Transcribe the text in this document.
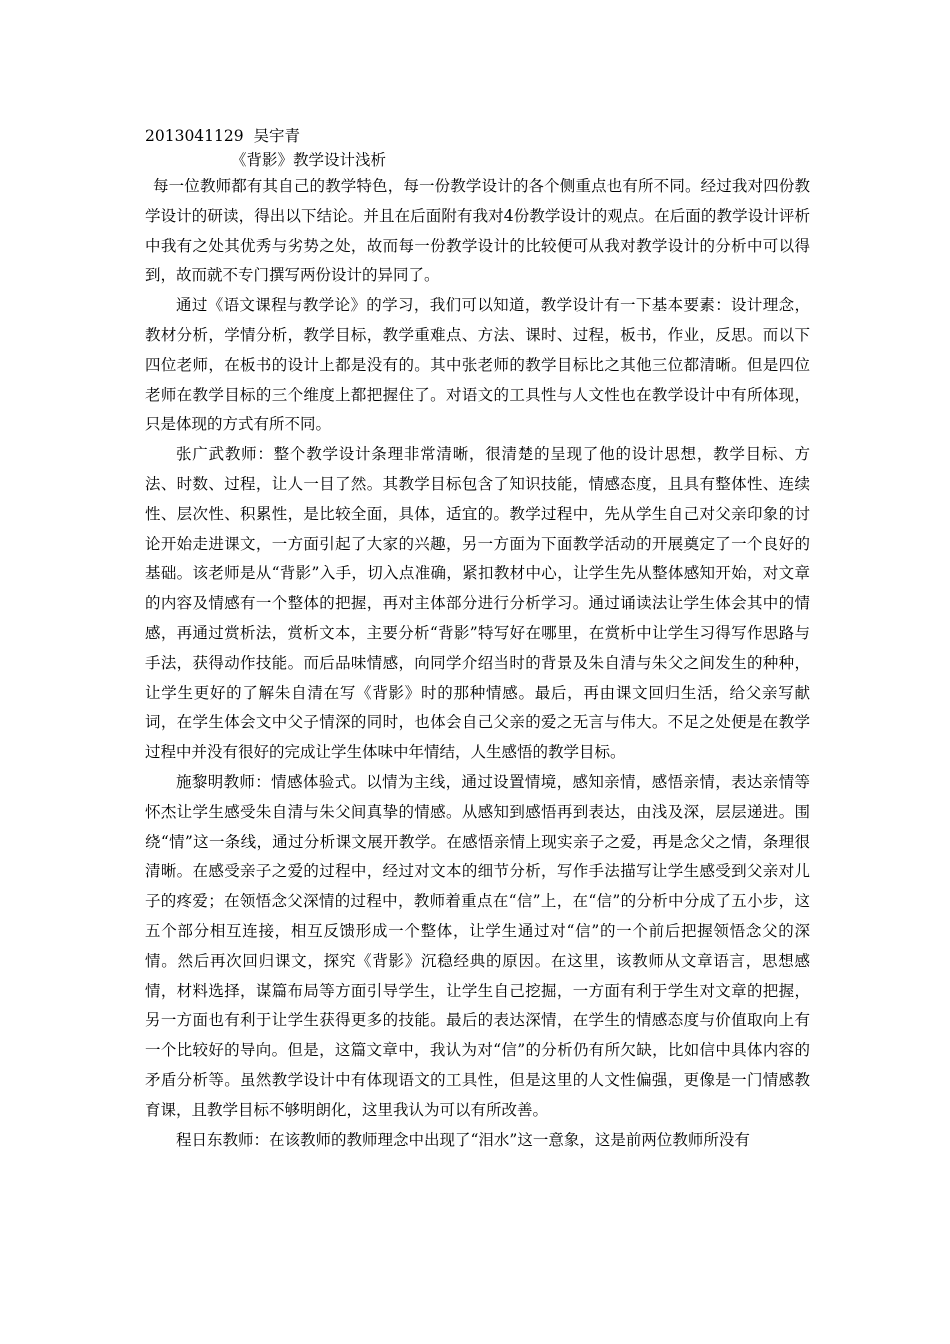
2013041129 吴宇青

《背影》教学设计浅析

每一位教师都有其自己的教学特色，每一份教学设计的各个侧重点也有所不同。经过我对四份教学设计的研读，得出以下结论。并且在后面附有我对4份教学设计的观点。在后面的教学设计评析中我有之处其优秀与劣势之处，故而每一份教学设计的比较便可从我对教学设计的分析中可以得到，故而就不专门撰写两份设计的异同了。

通过《语文课程与教学论》的学习，我们可以知道，教学设计有一下基本要素：设计理念，教材分析，学情分析，教学目标，教学重难点、方法、课时、过程，板书，作业，反思。而以下四位老师，在板书的设计上都是没有的。其中张老师的教学目标比之其他三位都清晰。但是四位老师在教学目标的三个维度上都把握住了。对语文的工具性与人文性也在教学设计中有所体现，只是体现的方式有所不同。

张广武教师：整个教学设计条理非常清晰，很清楚的呈现了他的设计思想，教学目标、方法、时数、过程，让人一目了然。其教学目标包含了知识技能，情感态度，且具有整体性、连续性、层次性、积累性，是比较全面，具体，适宜的。教学过程中，先从学生自己对父亲印象的讨论开始走进课文，一方面引起了大家的兴趣，另一方面为下面教学活动的开展奠定了一个良好的基础。该老师是从“背影”入手，切入点准确，紧扣教材中心，让学生先从整体感知开始，对文章的内容及情感有一个整体的把握，再对主体部分进行分析学习。通过诵读法让学生体会其中的情感，再通过赏析法，赏析文本，主要分析“背影”特写好在哪里，在赏析中让学生习得写作思路与手法，获得动作技能。而后品味情感，向同学介绍当时的背景及朱自清与朱父之间发生的种种，让学生更好的了解朱自清在写《背影》时的那种情感。最后，再由课文回归生活，给父亲写献词，在学生体会文中父子情深的同时，也体会自己父亲的爱之无言与伟大。不足之处便是在教学过程中并没有很好的完成让学生体味中年情结，人生感悟的教学目标。

施黎明教师：情感体验式。以情为主线，通过设置情境，感知亲情，感悟亲情，表达亲情等怀杰让学生感受朱自清与朱父间真挚的情感。从感知到感悟再到表达，由浅及深，层层递进。围绕“情”这一条线，通过分析课文展开教学。在感悟亲情上现实亲子之爱，再是念父之情，条理很清晰。在感受亲子之爱的过程中，经过对文本的细节分析，写作手法描写让学生感受到父亲对儿子的疼爱；在领悟念父深情的过程中，教师着重点在“信”上，在“信”的分析中分成了五小步，这五个部分相互连接，相互反馈形成一个整体，让学生通过对“信”的一个前后把握领悟念父的深情。然后再次回归课文，探究《背影》沉稳经典的原因。在这里，该教师从文章语言，思想感情，材料选择，谋篇布局等方面引导学生，让学生自己挖掘，一方面有利于学生对文章的把握，另一方面也有利于让学生获得更多的技能。最后的表达深情，在学生的情感态度与价值取向上有一个比较好的导向。但是，这篇文章中，我认为对“信”的分析仍有所欠缺，比如信中具体内容的矛盾分析等。虽然教学设计中有体现语文的工具性，但是这里的人文性偏强，更像是一门情感教育课，且教学目标不够明朗化，这里我认为可以有所改善。

程日东教师：在该教师的教师理念中出现了“泪水”这一意象，这是前两位教师所没有
